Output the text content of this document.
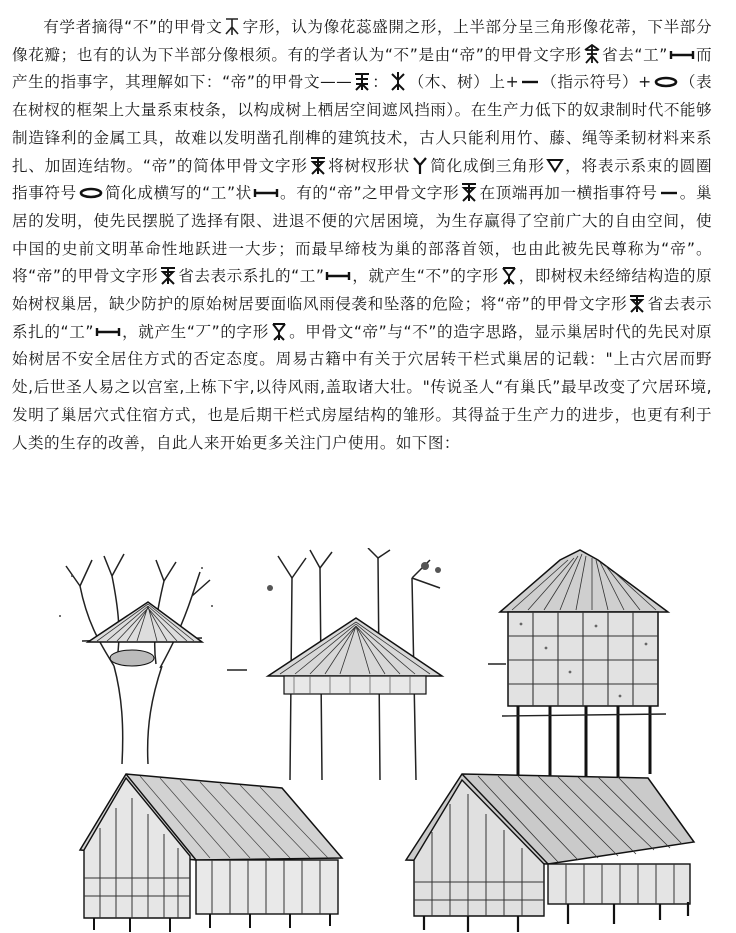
有学者摘得“不”的甲骨文 字形，认为像花蕊盛開之形，上半部分呈三角形像花蒂，下半部分像花瓣；也有的认为下半部分像根须。有的学者认为“不”是由“帝”的甲骨文字形 省去“工” 而产生的指事字，其理解如下：“帝”的甲骨文—— ： （木、树）上+ （指示符号）+ （表在树杈的框架上大量系束枝条，以构成树上栖居空间遮风挡雨）。在生产力低下的奴隶制时代不能够制造锋利的金属工具，故难以发明凿孔削榫的建筑技术，古人只能利用竹、藤、绳等柔韧材料来系扎、加固连结物。“帝”的简体甲骨文字形 将树杈形状 简化成倒三角形 ，将表示系束的圆圈指事符号 简化成横写的“工”状 。有的“帝”之甲骨文字形 在顶端再加一横指事符号 。巢居的发明，使先民摆脱了选择有限、进退不便的穴居困境，为生存赢得了空前广大的自由空间，使中国的史前文明革命性地跃进一大步；而最早缔枝为巢的部落首领，也由此被先民尊称为“帝”。将“帝”的甲骨文字形 省去表示系扎的“工” ，就产生“不”的字形 ，即树杈未经缔结构造的原始树杈巢居，缺少防护的原始树居要面临风雨侵袭和坠落的危险；将“帝”的甲骨文字形 省去表示系扎的“工” ，就产生“丆”的字形 。甲骨文“帝”与“不”的造字思路，显示巢居时代的先民对原始树居不安全居住方式的否定态度。周易古籍中有关于穴居转干栏式巢居的记载："上古穴居而野处,后世圣人易之以宫室,上栋下宇,以待风雨,盖取诸大壮。"传说圣人“有巢氏”最早改变了穴居环境,发明了巢居穴式住宿方式，也是后期干栏式房屋结构的雏形。其得益于生产力的进步，也更有利于人类的生存的改善，自此人来开始更多关注门户使用。如下图：
